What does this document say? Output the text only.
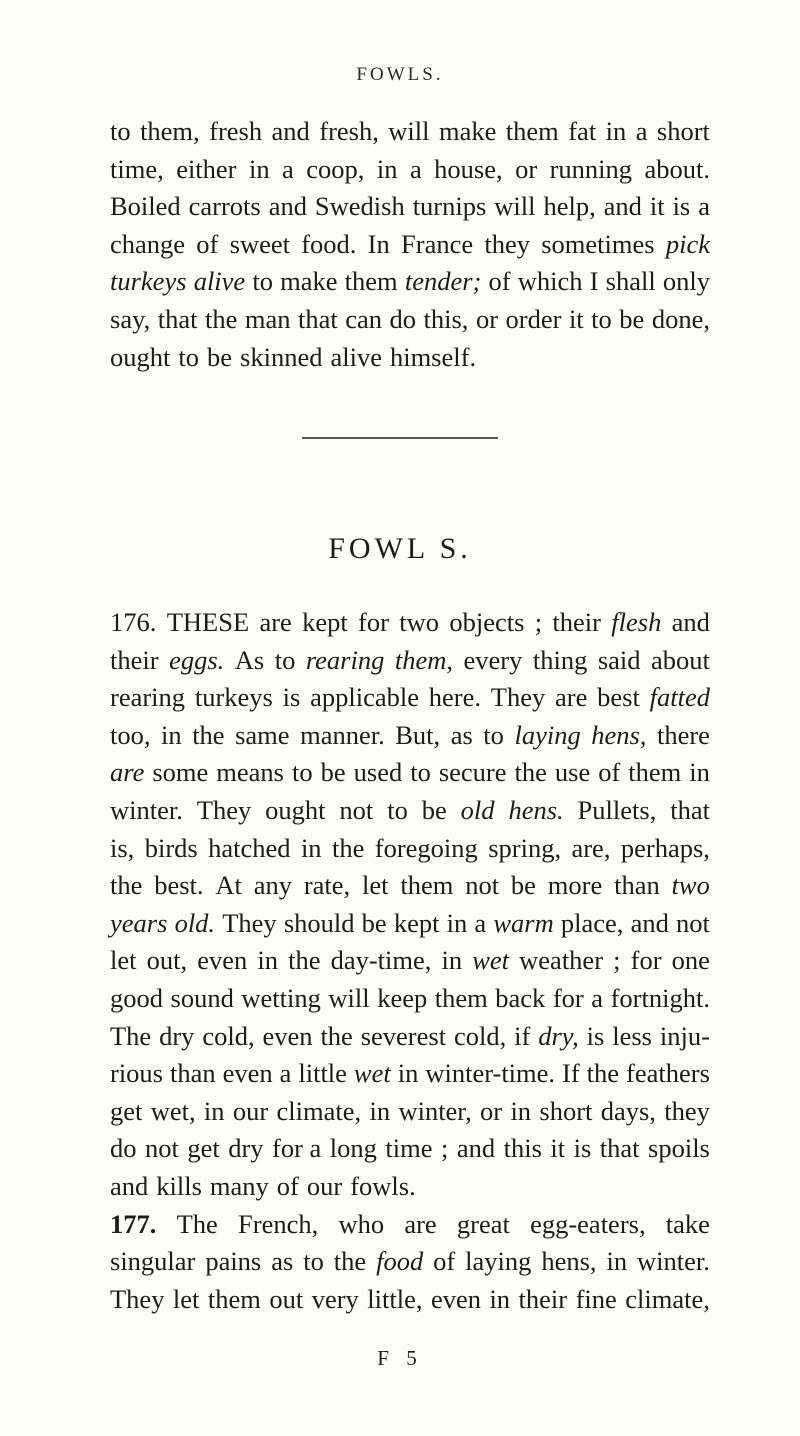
FOWLS.
to them, fresh and fresh, will make them fat in a short
time, either in a coop, in a house, or running about.
Boiled carrots and Swedish turnips will help, and it is a
change of sweet food. In France they sometimes pick
turkeys alive to make them tender; of which I shall only
say, that the man that can do this, or order it to be done,
ought to be skinned alive himself.
FOWL S.
176. THESE are kept for two objects ; their flesh and
their eggs. As to rearing them, every thing said about
rearing turkeys is applicable here. They are best fatted
too, in the same manner. But, as to laying hens, there
are some means to be used to secure the use of them in
winter. They ought not to be old hens. Pullets, that
is, birds hatched in the foregoing spring, are, perhaps,
the best. At any rate, let them not be more than two
years old. They should be kept in a warm place, and not
let out, even in the day-time, in wet weather ; for one
good sound wetting will keep them back for a fortnight.
The dry cold, even the severest cold, if dry, is less inju-
rious than even a little wet in winter-time. If the feathers
get wet, in our climate, in winter, or in short days, they
do not get dry for a long time ; and this it is that spoils
and kills many of our fowls.
177. The French, who are great egg-eaters, take
singular pains as to the food of laying hens, in winter.
They let them out very little, even in their fine climate,
F 5
